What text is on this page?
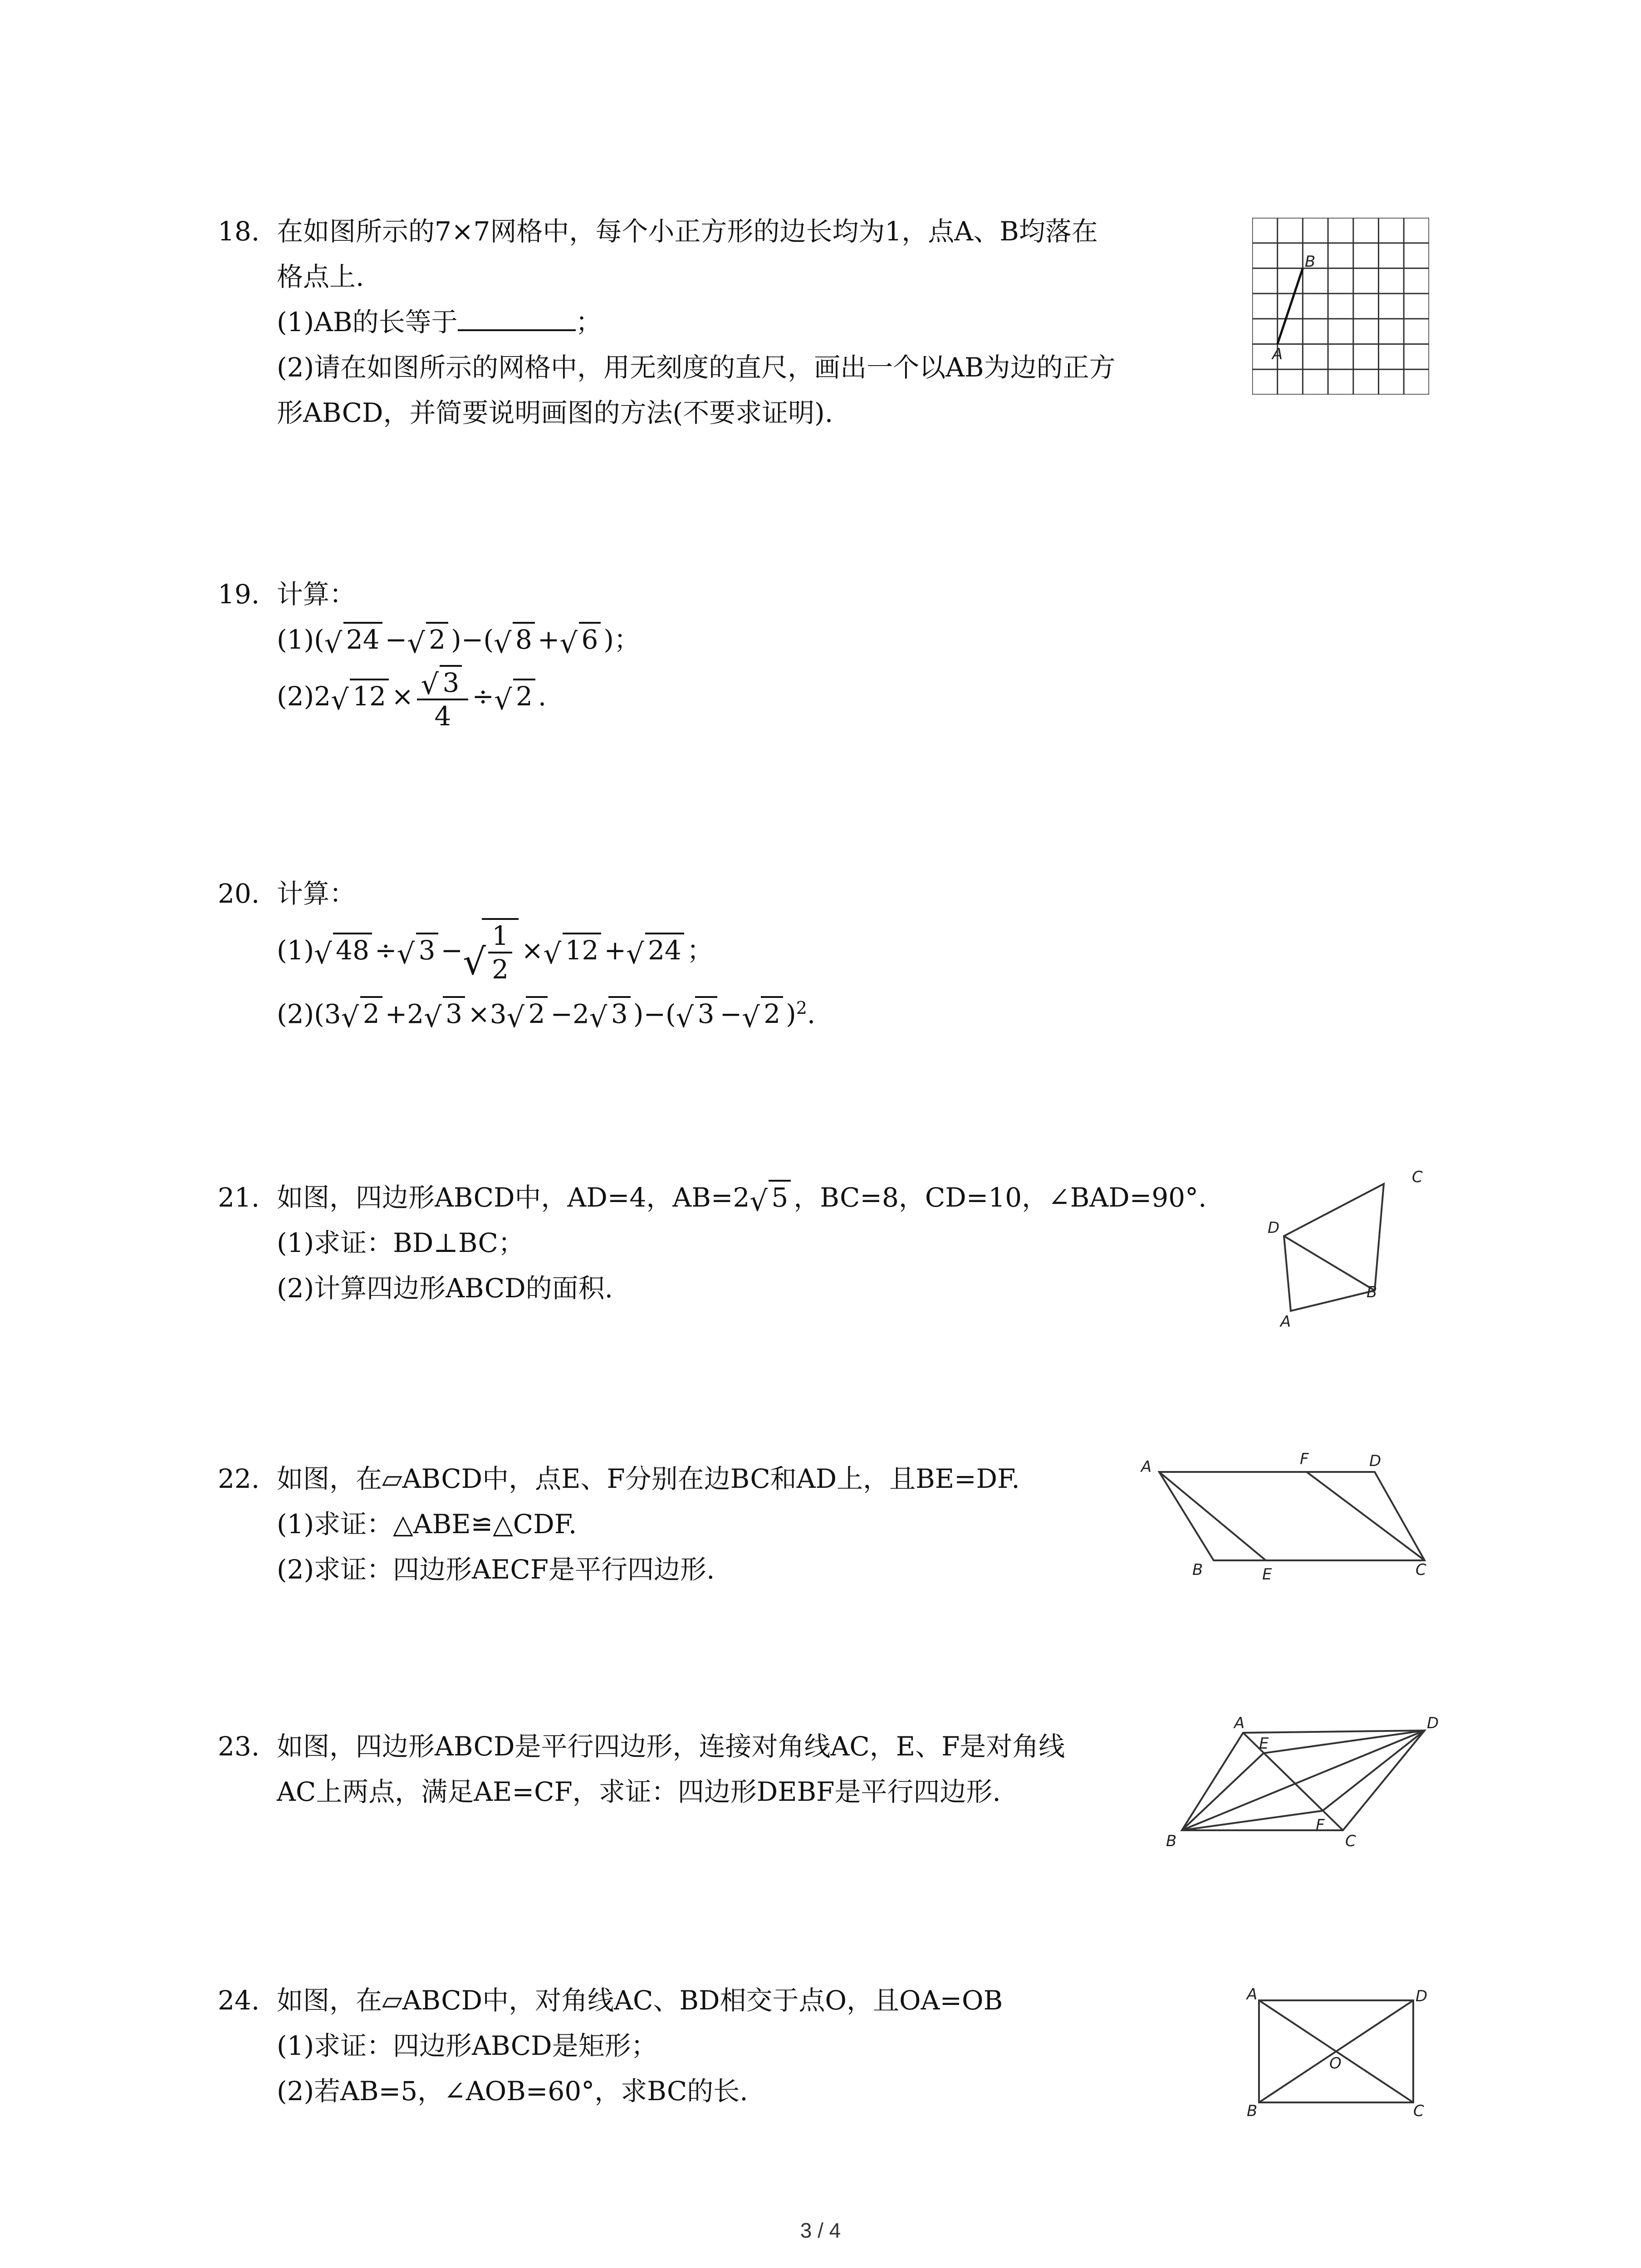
18. 在如图所示的7×7网格中，每个小正方形的边长均为1，点A、B均落在
格点上.
(1)AB的长等于	；
(2)请在如图所示的网格中，用无刻度的直尺，画出一个以AB为边的正方
形ABCD，并简要说明画图的方法(不要求证明).
A
B
19. 计算：
(1)( √ 24 − √ 2 )−( √ 8 + √ 6 )；
(2)2 √ $12 \times \frac{√ 3}{4}$ ÷ √ 2 .
20. 计算：
(1) √ 48 ÷ √ 3 − √ $\frac{1}{2}$ × √ 12 + √ 24 ；
(2)(3 √ 2 +2 √ 3 ×3 √ 2 −2 √ 3 )−( √ 3 − √ 2 )$^2$.
21. 如图，四边形ABCD中，AD=4，AB=2 √ 5 ，BC=8，CD=10，∠BAD=90°.
(1)求证：BD⊥BC；
(2)计算四边形ABCD的面积.
A
B
C
D
22. 如图，在▱ABCD中，点E、F分别在边BC和AD上，且BE=DF.
(1)求证：△ABE≌△CDF.
(2)求证：四边形AECF是平行四边形.
A
B	C
D
E
F
23. 如图，四边形ABCD是平行四边形，连接对角线AC，E、F是对角线
AC上两点，满足AE=CF，求证：四边形DEBF是平行四边形.
A
B	C
D
E
F
24. 如图，在▱ABCD中，对角线AC、BD相交于点O，且OA=OB
(1)求证：四边形ABCD是矩形；
(2)若AB=5，∠AOB=60°，求BC的长.
A
B	C
D
O
3 / 4
